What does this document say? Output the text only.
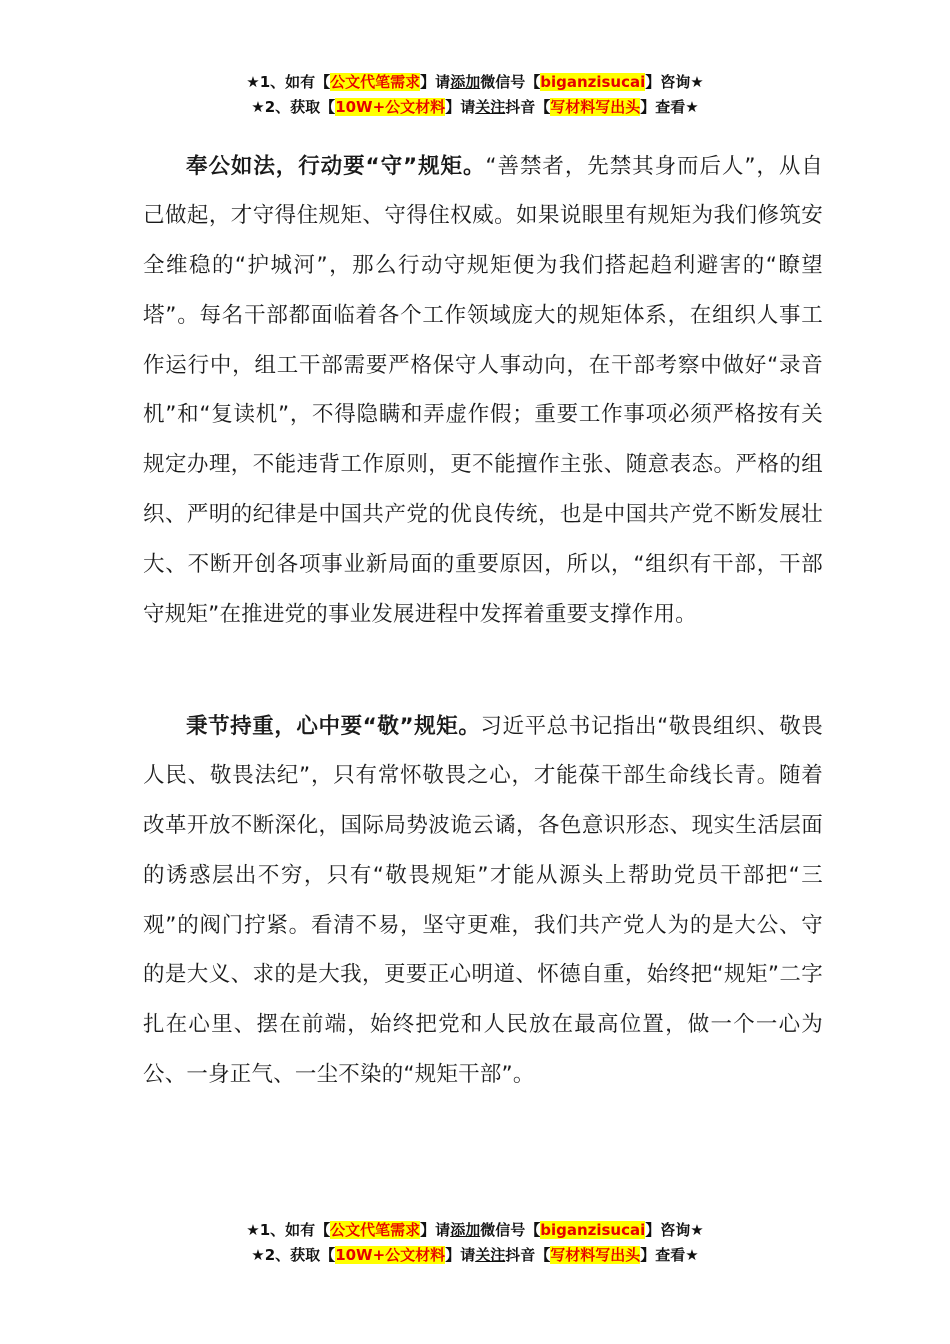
★1、如有【公文代笔需求】请添加微信号【biganzisucai】咨询★
★2、获取【10W+公文材料】请关注抖音【写材料写出头】查看★

奉公如法，行动要“守”规矩。“善禁者，先禁其身而后人”，从自己做起，才守得住规矩、守得住权威。如果说眼里有规矩为我们修筑安全维稳的“护城河”，那么行动守规矩便为我们搭起趋利避害的“瞭望塔”。每名干部都面临着各个工作领域庞大的规矩体系，在组织人事工作运行中，组工干部需要严格保守人事动向，在干部考察中做好“录音机”和“复读机”，不得隐瞒和弄虚作假；重要工作事项必须严格按有关规定办理，不能违背工作原则，更不能擅作主张、随意表态。严格的组织、严明的纪律是中国共产党的优良传统，也是中国共产党不断发展壮大、不断开创各项事业新局面的重要原因，所以，“组织有干部，干部守规矩”在推进党的事业发展进程中发挥着重要支撑作用。

秉节持重，心中要“敬”规矩。习近平总书记指出“敬畏组织、敬畏人民、敬畏法纪”，只有常怀敬畏之心，才能葆干部生命线长青。随着改革开放不断深化，国际局势波诡云谲，各色意识形态、现实生活层面的诱惑层出不穷，只有“敬畏规矩”才能从源头上帮助党员干部把“三观”的阀门拧紧。看清不易，坚守更难，我们共产党人为的是大公、守的是大义、求的是大我，更要正心明道、怀德自重，始终把“规矩”二字扎在心里、摆在前端，始终把党和人民放在最高位置，做一个一心为公、一身正气、一尘不染的“规矩干部”。

★1、如有【公文代笔需求】请添加微信号【biganzisucai】咨询★
★2、获取【10W+公文材料】请关注抖音【写材料写出头】查看★
